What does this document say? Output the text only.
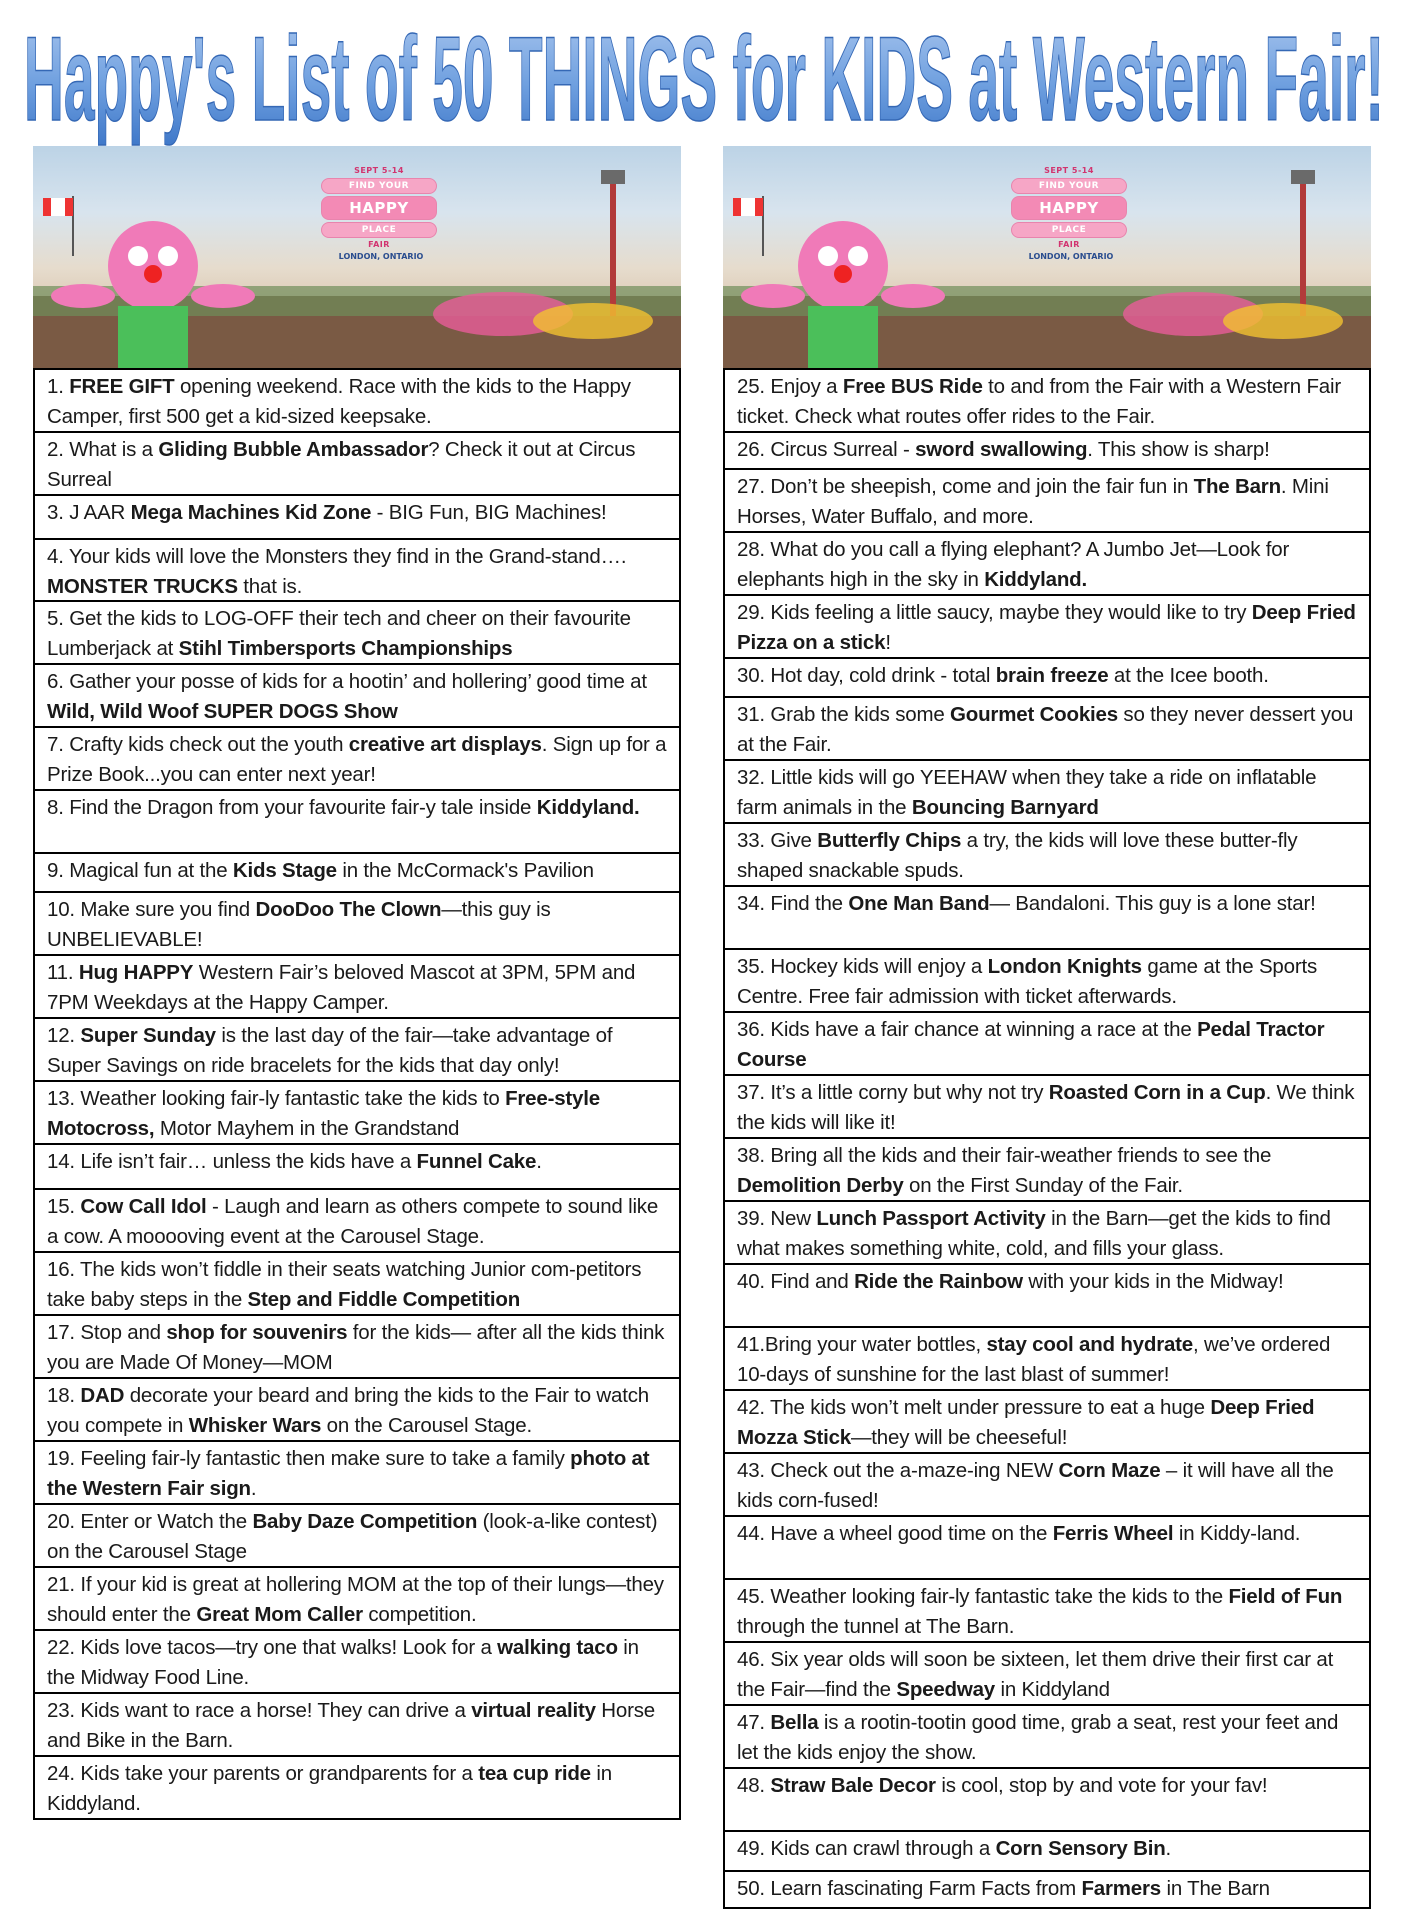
Happy's List of 50 THINGS for KIDS at Western Fair!
SEPT 5-14
FIND YOUR
HAPPY
PLACE
FAIR
LONDON, ONTARIO
1. FREE GIFT opening weekend. Race with the kids to the Happy Camper, first 500 get a kid-sized keepsake.
2. What is a Gliding Bubble Ambassador? Check it out at Circus Surreal
3. J AAR Mega Machines Kid Zone - BIG Fun, BIG Machines!
4. Your kids will love the Monsters they find in the Grand-stand…. MONSTER TRUCKS that is.
5. Get the kids to LOG-OFF their tech and cheer on their favourite Lumberjack at Stihl Timbersports Championships
6. Gather your posse of kids for a hootin’ and hollering’ good time at Wild, Wild Woof SUPER DOGS Show
7. Crafty kids check out the youth creative art displays. Sign up for a Prize Book...you can enter next year!
8. Find the Dragon from your favourite fair-y tale inside Kiddyland.
9. Magical fun at the Kids Stage in the McCormack's Pavilion
10. Make sure you find DooDoo The Clown—this guy is UNBELIEVABLE!
11. Hug HAPPY Western Fair’s beloved Mascot at 3PM, 5PM and 7PM Weekdays at the Happy Camper.
12. Super Sunday is the last day of the fair—take advantage of Super Savings on ride bracelets for the kids that day only!
13. Weather looking fair-ly fantastic take the kids to Free-style Motocross, Motor Mayhem in the Grandstand
14. Life isn’t fair… unless the kids have a Funnel Cake.
15. Cow Call Idol - Laugh and learn as others compete to sound like a cow. A mooooving event at the Carousel Stage.
16. The kids won’t fiddle in their seats watching Junior com-petitors take baby steps in the Step and Fiddle Competition
17. Stop and shop for souvenirs for the kids— after all the kids think you are Made Of Money—MOM
18. DAD decorate your beard and bring the kids to the Fair to watch you compete in Whisker Wars on the Carousel Stage.
19. Feeling fair-ly fantastic then make sure to take a family photo at the Western Fair sign.
20. Enter or Watch the Baby Daze Competition (look-a-like contest) on the Carousel Stage
21. If your kid is great at hollering MOM at the top of their lungs—they should enter the Great Mom Caller competition.
22. Kids love tacos—try one that walks! Look for a walking taco in the Midway Food Line.
23. Kids want to race a horse! They can drive a virtual reality Horse and Bike in the Barn.
24. Kids take your parents or grandparents for a tea cup ride in Kiddyland.
SEPT 5-14
FIND YOUR
HAPPY
PLACE
FAIR
LONDON, ONTARIO
25. Enjoy a Free BUS Ride to and from the Fair with a Western Fair ticket. Check what routes offer rides to the Fair.
26. Circus Surreal - sword swallowing. This show is sharp!
27. Don’t be sheepish, come and join the fair fun in The Barn. Mini Horses, Water Buffalo, and more.
28. What do you call a flying elephant? A Jumbo Jet—Look for elephants high in the sky in Kiddyland.
29. Kids feeling a little saucy, maybe they would like to try Deep Fried Pizza on a stick!
30. Hot day, cold drink - total brain freeze at the Icee booth.
31. Grab the kids some Gourmet Cookies so they never dessert you at the Fair.
32. Little kids will go YEEHAW when they take a ride on inflatable farm animals in the Bouncing Barnyard
33. Give Butterfly Chips a try, the kids will love these butter-fly shaped snackable spuds.
34. Find the One Man Band— Bandaloni. This guy is a lone star!
35. Hockey kids will enjoy a London Knights game at the Sports Centre. Free fair admission with ticket afterwards.
36. Kids have a fair chance at winning a race at the Pedal Tractor Course
37. It’s a little corny but why not try Roasted Corn in a Cup. We think the kids will like it!
38. Bring all the kids and their fair-weather friends to see the Demolition Derby on the First Sunday of the Fair.
39. New Lunch Passport Activity in the Barn—get the kids to find what makes something white, cold, and fills your glass.
40. Find and Ride the Rainbow with your kids in the Midway!
41.Bring your water bottles, stay cool and hydrate, we’ve ordered 10-days of sunshine for the last blast of summer!
42. The kids won’t melt under pressure to eat a huge Deep Fried Mozza Stick—they will be cheeseful!
43. Check out the a-maze-ing NEW Corn Maze – it will have all the kids corn-fused!
44. Have a wheel good time on the Ferris Wheel in Kiddy-land.
45. Weather looking fair-ly fantastic take the kids to the Field of Fun through the tunnel at The Barn.
46. Six year olds will soon be sixteen, let them drive their first car at the Fair—find the Speedway in Kiddyland
47. Bella is a rootin-tootin good time, grab a seat, rest your feet and let the kids enjoy the show.
48. Straw Bale Decor is cool, stop by and vote for your fav!
49. Kids can crawl through a Corn Sensory Bin.
50. Learn fascinating Farm Facts from Farmers in The Barn
